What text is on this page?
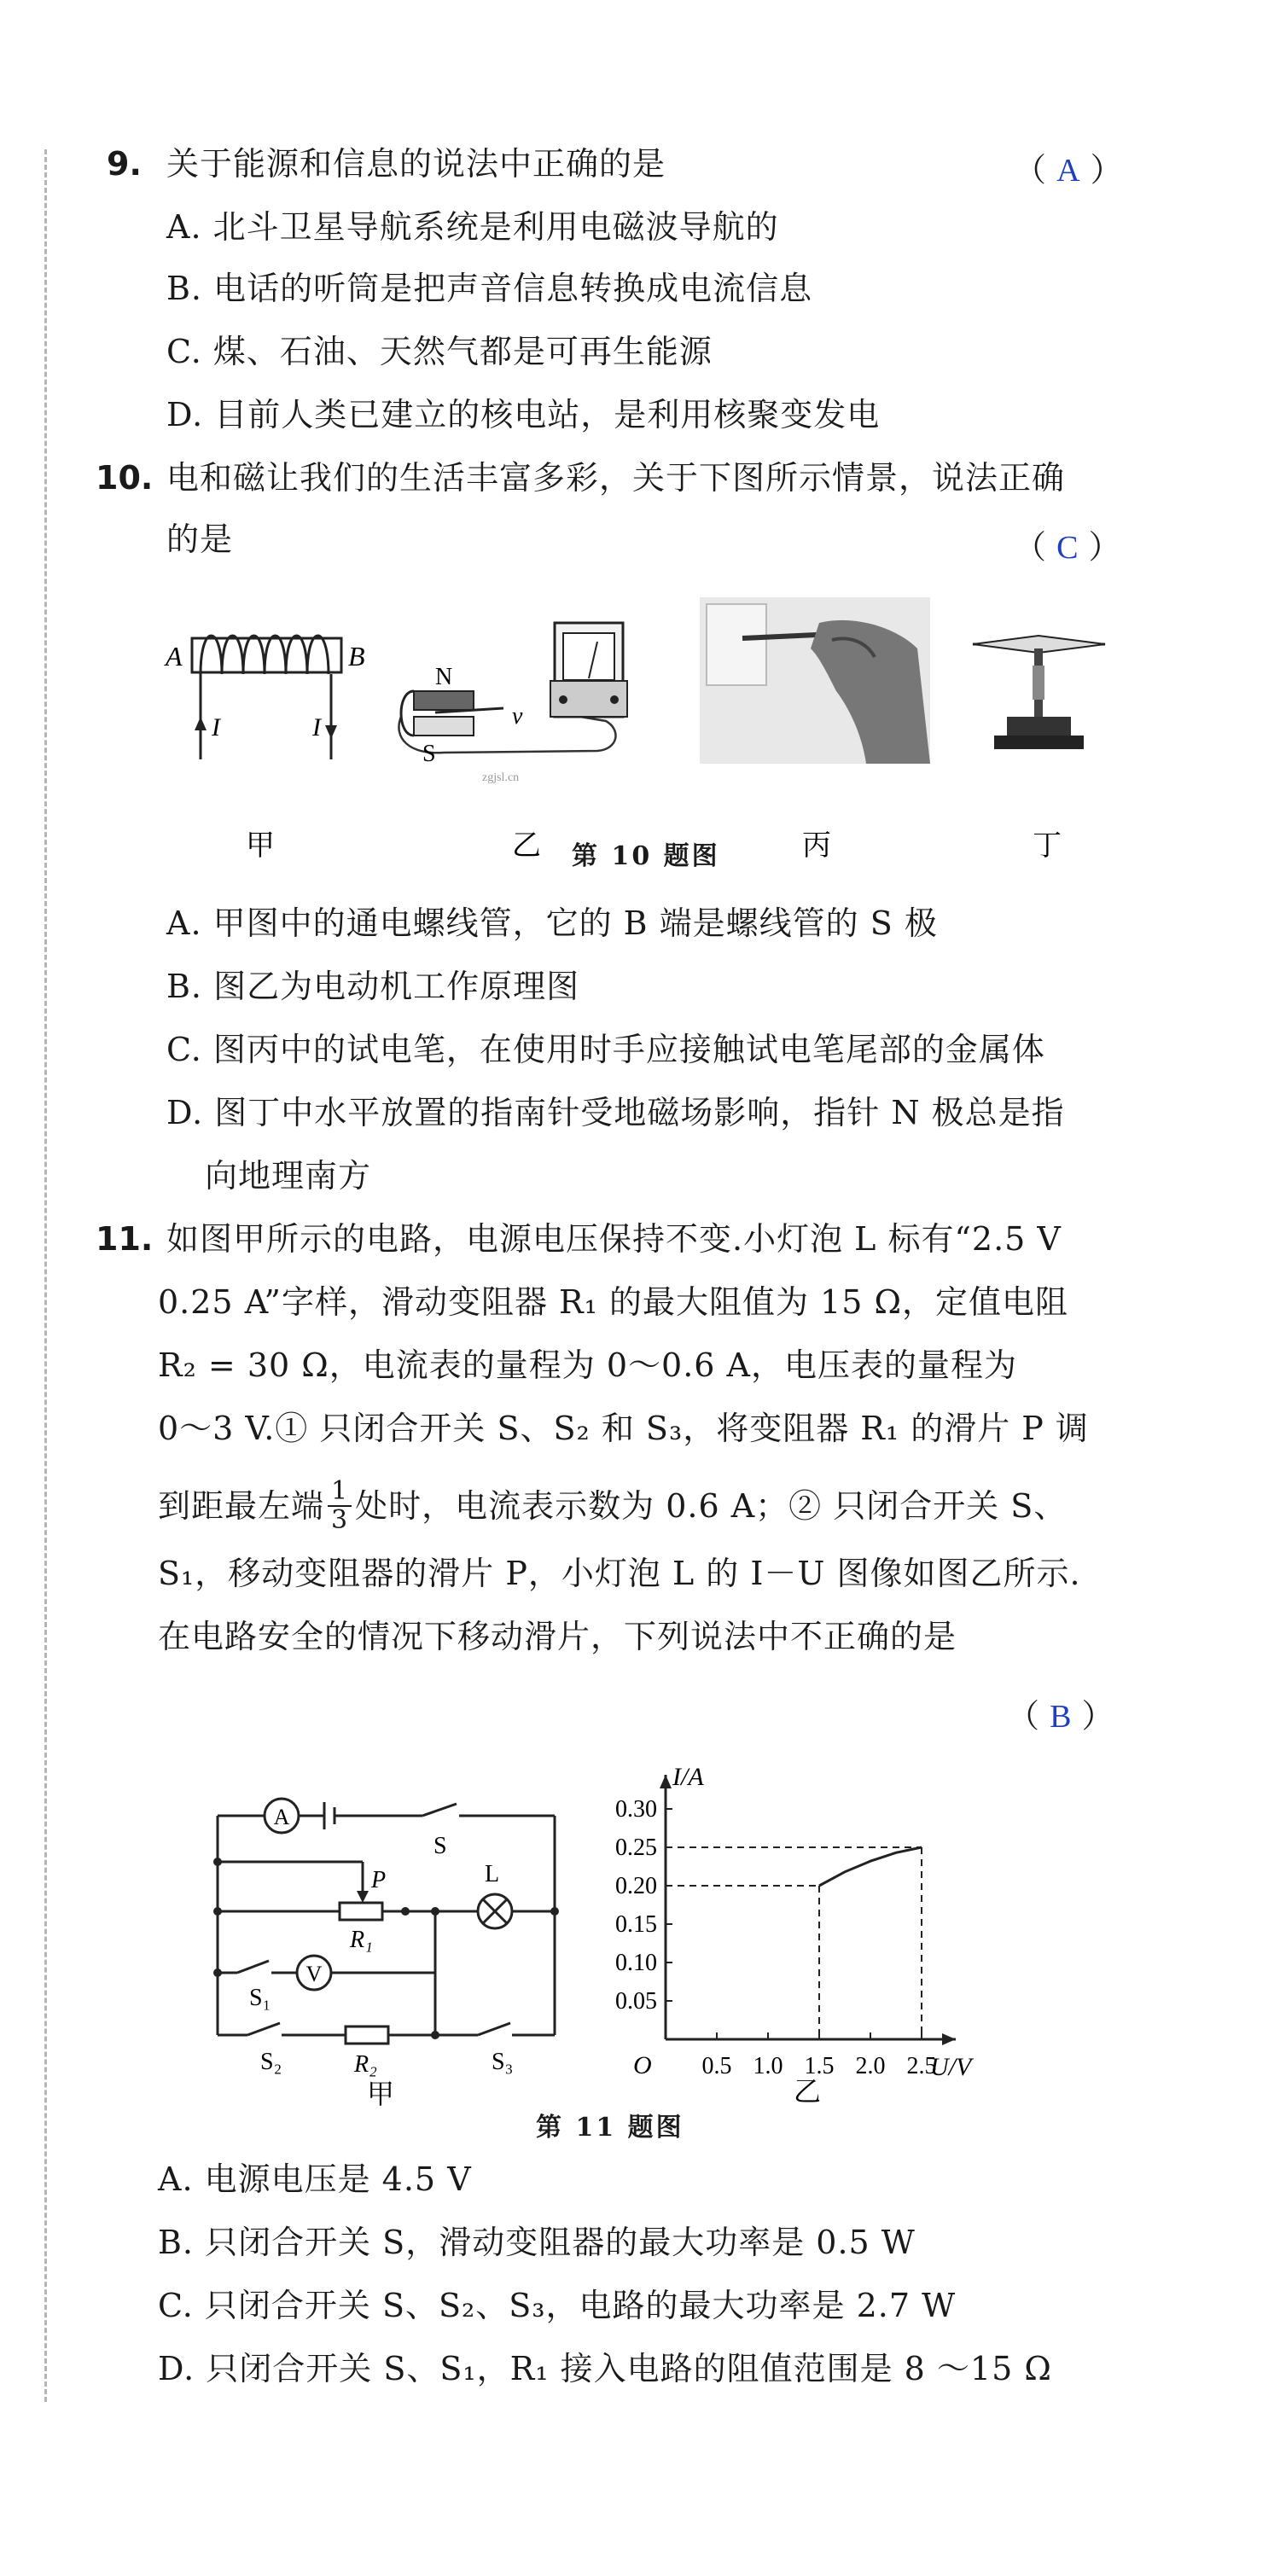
9. 关于能源和信息的说法中正确的是	（ A ）
A. 北斗卫星导航系统是利用电磁波导航的
B. 电话的听筒是把声音信息转换成电流信息
C. 煤、石油、天然气都是可再生能源
D. 目前人类已建立的核电站，是利用核聚变发电
10. 电和磁让我们的生活丰富多彩，关于下图所示情景，说法正确
的是	（ C ）
A	B
I	I
N
S
v
zgjsl.cn
甲	乙	丙	丁
第 10 题图
A. 甲图中的通电螺线管，它的 B 端是螺线管的 S 极
B. 图乙为电动机工作原理图
C. 图丙中的试电笔，在使用时手应接触试电笔尾部的金属体
D. 图丁中水平放置的指南针受地磁场影响，指针 N 极总是指
向地理南方
11. 如图甲所示的电路，电源电压保持不变.小灯泡 L 标有“2.5 V
0.25 A”字样，滑动变阻器 R₁ 的最大阻值为 15 Ω，定值电阻
R₂ = 30 Ω，电流表的量程为 0～0.6 A，电压表的量程为
0～3 V.① 只闭合开关 S、S₂ 和 S₃，将变阻器 R₁ 的滑片 P 调
到距最左端 $\frac{1}{3}$ 处时，电流表示数为 0.6 A；② 只闭合开关 S、
S₁，移动变阻器的滑片 P，小灯泡 L 的 I－U 图像如图乙所示.
在电路安全的情况下移动滑片，下列说法中不正确的是
（ B ）
A
V
S
P
R₁
L
S₁
S₂	R₂	S₃
甲
I/A
U/V
O 0.5 1.0 1.5 2.0 2.5
0.05
0.10
0.15
0.20
0.25
0.30
乙
第 11 题图
A. 电源电压是 4.5 V
B. 只闭合开关 S，滑动变阻器的最大功率是 0.5 W
C. 只闭合开关 S、S₂、S₃，电路的最大功率是 2.7 W
D. 只闭合开关 S、S₁，R₁ 接入电路的阻值范围是 8 ～15 Ω
